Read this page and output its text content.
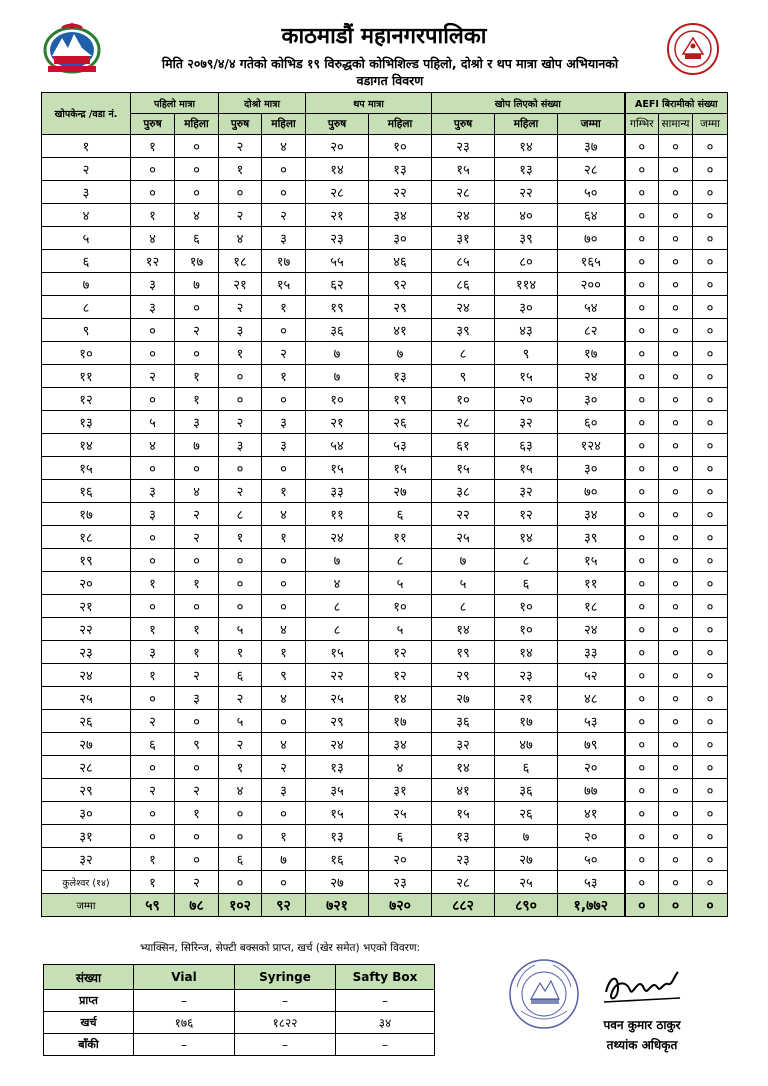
काठमाडौं महानगरपालिका
मिति २०७९/४/४ गतेको कोभिड १९ विरुद्धको कोभिशिल्ड पहिलो, दोश्रो र थप मात्रा खोप अभियानको
वडागत विवरण
खोपकेन्द्र /वडा नं.	पहिलो मात्रा		दोश्रो मात्रा		थप मात्रा		खोप लिएको संख्या			AEFI बिरामीको संख्या		
	पुरुष	महिला	पुरुष	महिला	पुरुष	महिला	पुरुष	महिला	जम्मा	गम्भिर	सामान्य	जम्मा
१	१	०	२	४	२०	१०	२३	१४	३७	०	०	०
२	०	०	१	०	१४	१३	१५	१३	२८	०	०	०
३	०	०	०	०	२८	२२	२८	२२	५०	०	०	०
४	१	४	२	२	२१	३४	२४	४०	६४	०	०	०
५	४	६	४	३	२३	३०	३१	३९	७०	०	०	०
६	१२	१७	१८	१७	५५	४६	८५	८०	१६५	०	०	०
७	३	७	२१	१५	६२	९२	८६	११४	२००	०	०	०
८	३	०	२	१	१९	२९	२४	३०	५४	०	०	०
९	०	२	३	०	३६	४१	३९	४३	८२	०	०	०
१०	०	०	१	२	७	७	८	९	१७	०	०	०
११	२	१	०	१	७	१३	९	१५	२४	०	०	०
१२	०	१	०	०	१०	१९	१०	२०	३०	०	०	०
१३	५	३	२	३	२१	२६	२८	३२	६०	०	०	०
१४	४	७	३	३	५४	५३	६१	६३	१२४	०	०	०
१५	०	०	०	०	१५	१५	१५	१५	३०	०	०	०
१६	३	४	२	१	३३	२७	३८	३२	७०	०	०	०
१७	३	२	८	४	११	६	२२	१२	३४	०	०	०
१८	०	२	१	१	२४	११	२५	१४	३९	०	०	०
१९	०	०	०	०	७	८	७	८	१५	०	०	०
२०	१	१	०	०	४	५	५	६	११	०	०	०
२१	०	०	०	०	८	१०	८	१०	१८	०	०	०
२२	१	१	५	४	८	५	१४	१०	२४	०	०	०
२३	३	१	१	१	१५	१२	१९	१४	३३	०	०	०
२४	१	२	६	९	२२	१२	२९	२३	५२	०	०	०
२५	०	३	२	४	२५	१४	२७	२१	४८	०	०	०
२६	२	०	५	०	२९	१७	३६	१७	५३	०	०	०
२७	६	९	२	४	२४	३४	३२	४७	७९	०	०	०
२८	०	०	१	२	१३	४	१४	६	२०	०	०	०
२९	२	२	४	३	३५	३१	४१	३६	७७	०	०	०
३०	०	१	०	०	१५	२५	१५	२६	४१	०	०	०
३१	०	०	०	१	१३	६	१३	७	२०	०	०	०
३२	१	०	६	७	१६	२०	२३	२७	५०	०	०	०
कुलेश्वर (१४)	१	२	०	०	२७	२३	२८	२५	५३	०	०	०
जम्मा	५९	७८	१०२	९२	७२१	७२०	८८२	८९०	१,७७२	०	०	०
भ्याक्सिन, सिरिन्ज, सेफ्टी बक्सको प्राप्त, खर्च (खेर समेत) भएको विवरण:
संख्या	Vial	Syringe	Safty Box
प्राप्त	–	–	–
खर्च	१७६	१८२२	३४
बाँकी	–	–	–
पवन कुमार ठाकुर
तथ्यांक अधिकृत
